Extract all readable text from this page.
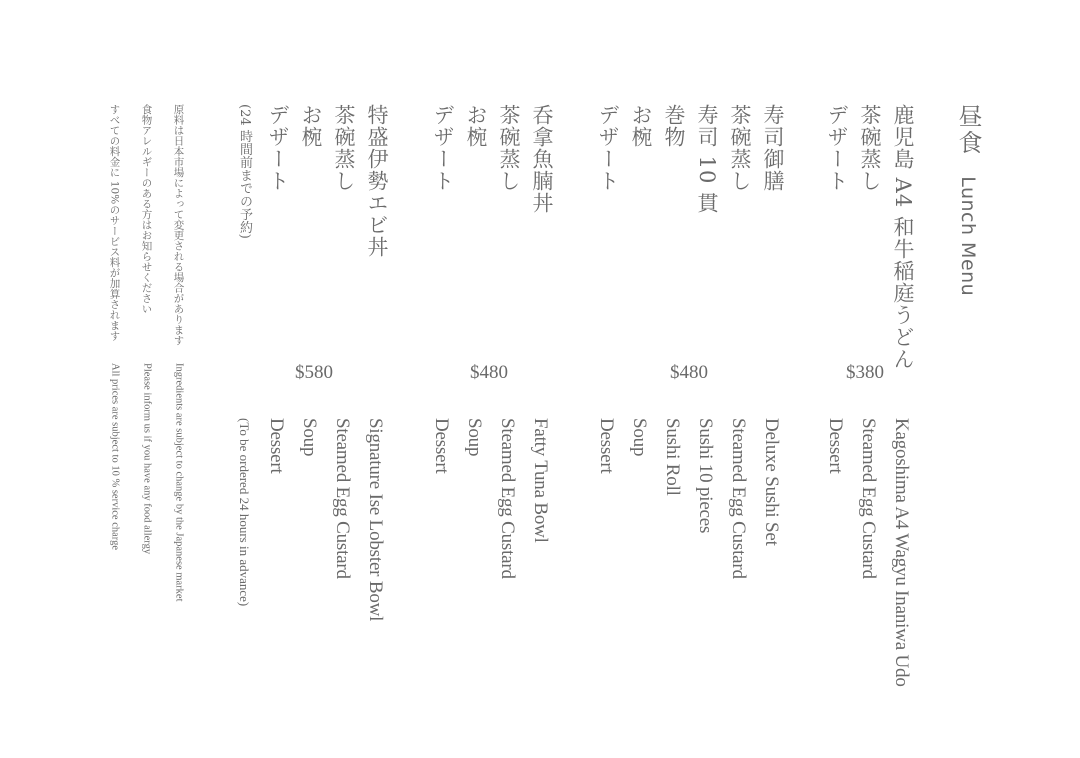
昼食  Lunch Menu
鹿児島 A4 和牛稲庭うどん
茶碗蒸し
デザート
$380
Kagoshima A4 Wagyu Inaniwa Udo
Steamed Egg Custard
Dessert
寿司御膳
茶碗蒸し
寿司 10 貫
巻物
お椀
デザート
$480
Deluxe Sushi Set
Steamed Egg Custard
Sushi 10 pieces
Sushi Roll
Soup
Dessert
呑拿魚腩丼
茶碗蒸し
お椀
デザート
$480
Fatty Tuna Bowl
Steamed Egg Custard
Soup
Dessert
特盛伊勢エビ丼
茶碗蒸し
お椀
デザート
(24 時間前までの予約)
$580
Signature Ise Lobster Bowl
Steamed Egg Custard
Soup
Dessert
(To be ordered 24 hours in advance)
原料は日本市場によって変更される場合があります
食物アレルギーのある方はお知らせください
すべての料金に 10%のサービス料が加算されます
Ingredients are subject to change by the Japanese market
Please inform us if you have any food allergy
All prices are subject to 10 % service charge
